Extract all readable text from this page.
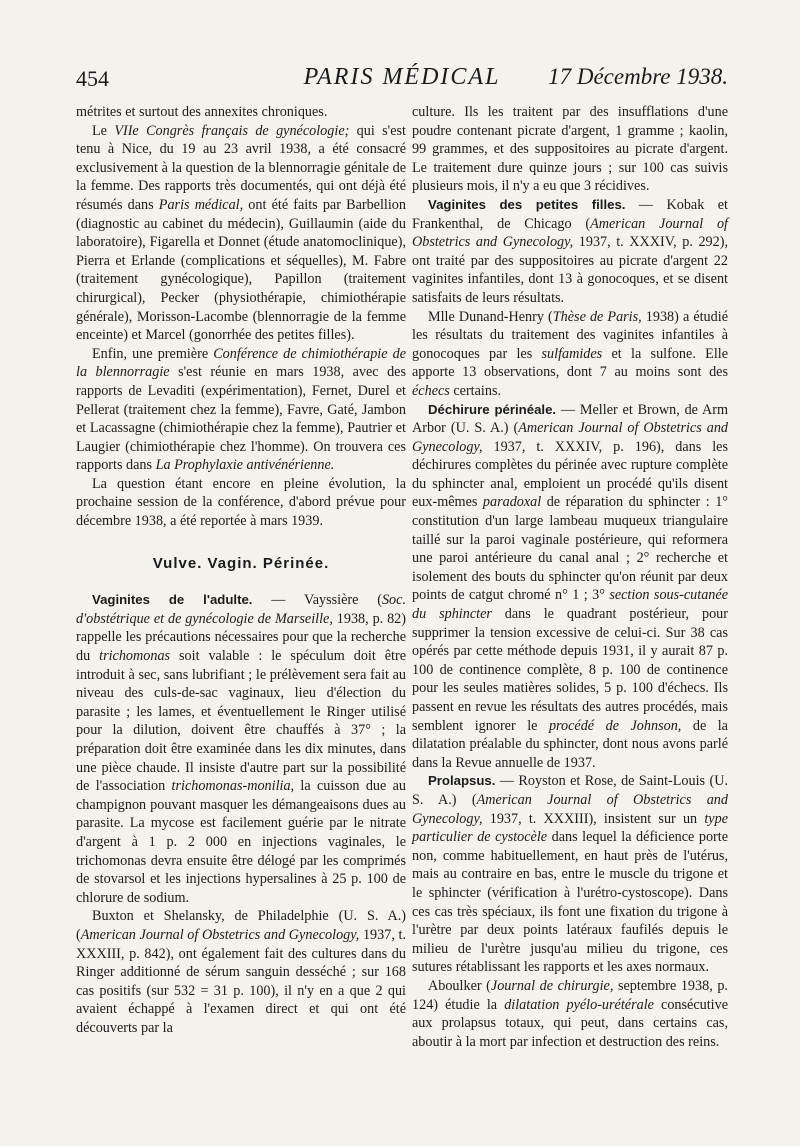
454	PARIS MÉDICAL	17 Décembre 1938.

métrites et surtout des annexites chroniques.

Le VIIe Congrès français de gynécologie; qui s'est tenu à Nice, du 19 au 23 avril 1938, a été consacré exclusivement à la question de la blennorragie génitale de la femme. Des rapports très documentés, qui ont déjà été résumés dans Paris médical, ont été faits par Barbellion (diagnostic au cabinet du médecin), Guillaumin (aide du laboratoire), Figarella et Donnet (étude anatomoclinique), Pierra et Erlande (complications et séquelles), M. Fabre (traitement gynécologique), Papillon (traitement chirurgical), Pecker (physiothérapie, chimiothérapie générale), Morisson-Lacombe (blennorragie de la femme enceinte) et Marcel (gonorrhée des petites filles).

Enfin, une première Conférence de chimiothérapie de la blennorragie s'est réunie en mars 1938, avec des rapports de Levaditi (expérimentation), Fernet, Durel et Pellerat (traitement chez la femme), Favre, Gaté, Jambon et Lacassagne (chimiothérapie chez la femme), Pautrier et Laugier (chimiothérapie chez l'homme). On trouvera ces rapports dans La Prophylaxie antivénérienne.

La question étant encore en pleine évolution, la prochaine session de la conférence, d'abord prévue pour décembre 1938, a été reportée à mars 1939.

Vulve. Vagin. Périnée.

Vaginites de l'adulte. — Vayssière (Soc. d'obstétrique et de gynécologie de Marseille, 1938, p. 82) rappelle les précautions nécessaires pour que la recherche du trichomonas soit valable : le spéculum doit être introduit à sec, sans lubrifiant ; le prélèvement sera fait au niveau des culs-de-sac vaginaux, lieu d'élection du parasite ; les lames, et éventuellement le Ringer utilisé pour la dilution, doivent être chauffés à 37° ; la préparation doit être examinée dans les dix minutes, dans une pièce chaude. Il insiste d'autre part sur la possibilité de l'association trichomonas-monilia, la cuisson due au champignon pouvant masquer les démangeaisons dues au parasite. La mycose est facilement guérie par le nitrate d'argent à 1 p. 2 000 en injections vaginales, le trichomonas devra ensuite être délogé par les comprimés de stovarsol et les injections hypersalines à 25 p. 100 de chlorure de sodium.

Buxton et Shelansky, de Philadelphie (U. S. A.) (American Journal of Obstetrics and Gynecology, 1937, t. XXXIII, p. 842), ont également fait des cultures dans du Ringer additionné de sérum sanguin desséché ; sur 168 cas positifs (sur 532 = 31 p. 100), il n'y en a que 2 qui avaient échappé à l'examen direct et qui ont été découverts par la

culture. Ils les traitent par des insufflations d'une poudre contenant picrate d'argent, 1 gramme ; kaolin, 99 grammes, et des suppositoires au picrate d'argent. Le traitement dure quinze jours ; sur 100 cas suivis plusieurs mois, il n'y a eu que 3 récidives.

Vaginites des petites filles. — Kobak et Frankenthal, de Chicago (American Journal of Obstetrics and Gynecology, 1937, t. XXXIV, p. 292), ont traité par des suppositoires au picrate d'argent 22 vaginites infantiles, dont 13 à gonocoques, et se disent satisfaits de leurs résultats.

Mlle Dunand-Henry (Thèse de Paris, 1938) a étudié les résultats du traitement des vaginites infantiles à gonocoques par les sulfamides et la sulfone. Elle apporte 13 observations, dont 7 au moins sont des échecs certains.

Déchirure périnéale. — Meller et Brown, de Arm Arbor (U. S. A.) (American Journal of Obstetrics and Gynecology, 1937, t. XXXIV, p. 196), dans les déchirures complètes du périnée avec rupture complète du sphincter anal, emploient un procédé qu'ils disent eux-mêmes paradoxal de réparation du sphincter : 1° constitution d'un large lambeau muqueux triangulaire taillé sur la paroi vaginale postérieure, qui reformera une paroi antérieure du canal anal ; 2° recherche et isolement des bouts du sphincter qu'on réunit par deux points de catgut chromé n° 1 ; 3° section sous-cutanée du sphincter dans le quadrant postérieur, pour supprimer la tension excessive de celui-ci. Sur 38 cas opérés par cette méthode depuis 1931, il y aurait 87 p. 100 de continence complète, 8 p. 100 de continence pour les seules matières solides, 5 p. 100 d'échecs. Ils passent en revue les résultats des autres procédés, mais semblent ignorer le procédé de Johnson, de la dilatation préalable du sphincter, dont nous avons parlé dans la Revue annuelle de 1937.

Prolapsus. — Royston et Rose, de Saint-Louis (U. S. A.) (American Journal of Obstetrics and Gynecology, 1937, t. XXXIII), insistent sur un type particulier de cystocèle dans lequel la déficience porte non, comme habituellement, en haut près de l'utérus, mais au contraire en bas, entre le muscle du trigone et le sphincter (vérification à l'urétro-cystoscope). Dans ces cas très spéciaux, ils font une fixation du trigone à l'urètre par deux points latéraux faufilés depuis le milieu de l'urètre jusqu'au milieu du trigone, ces sutures rétablissant les rapports et les axes normaux.

Aboulker (Journal de chirurgie, septembre 1938, p. 124) étudie la dilatation pyélo-urétérale consécutive aux prolapsus totaux, qui peut, dans certains cas, aboutir à la mort par infection et destruction des reins.
